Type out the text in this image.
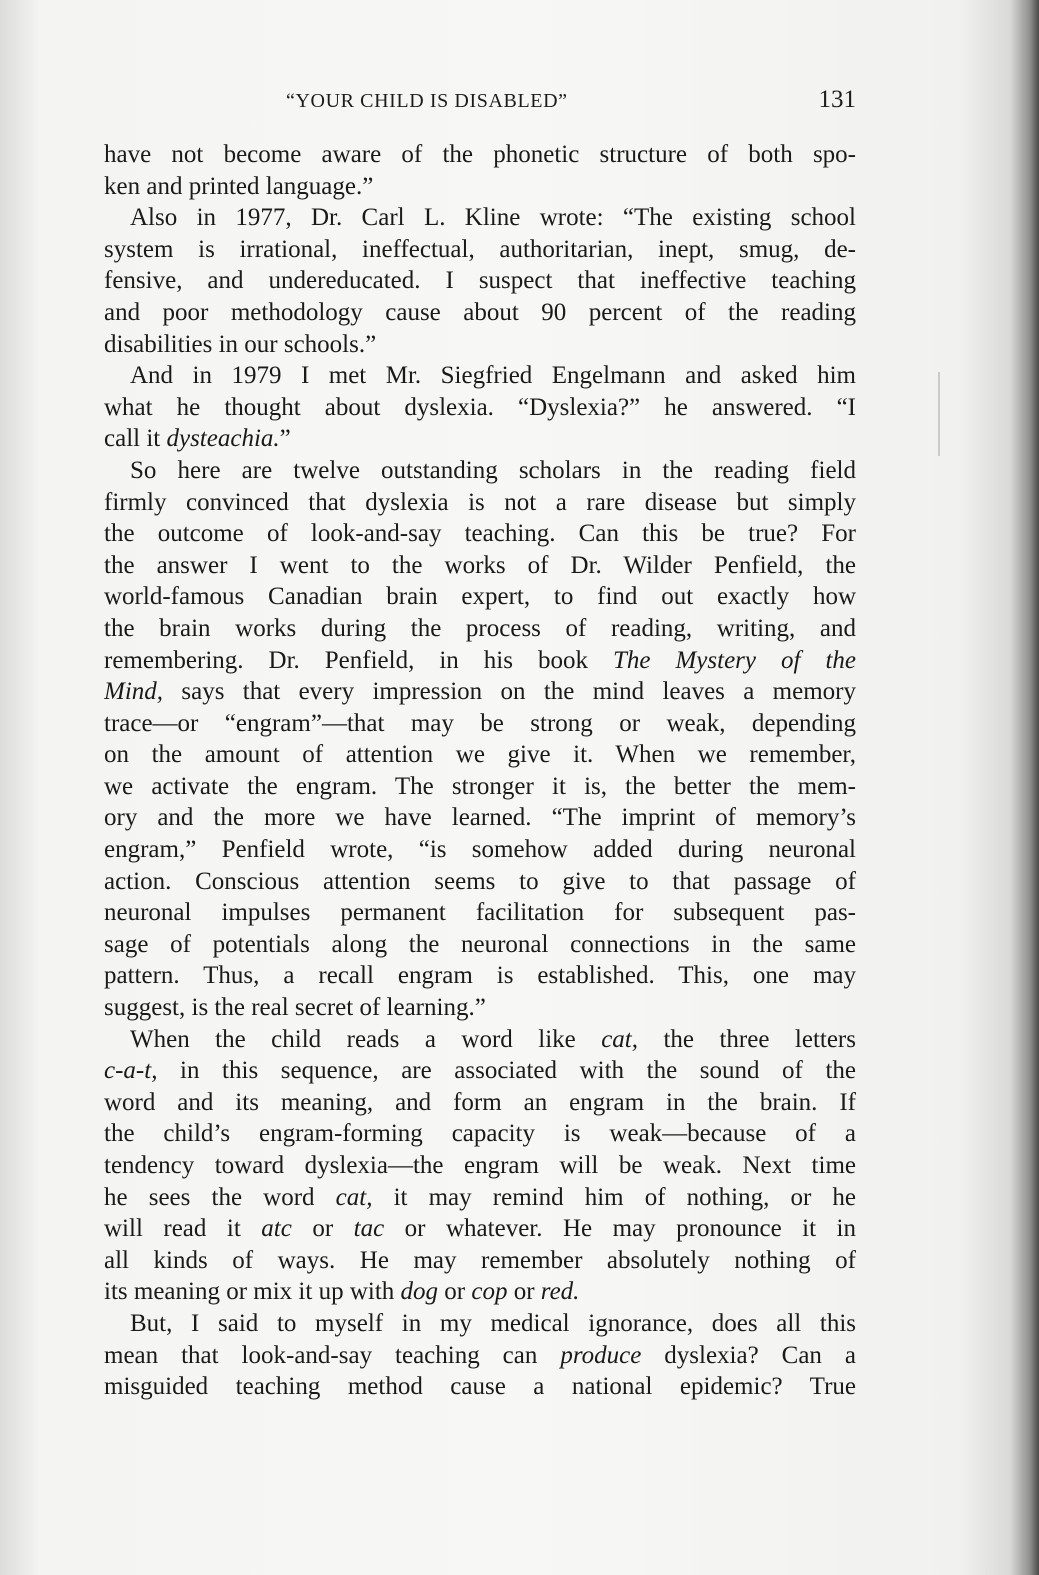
“YOUR CHILD IS DISABLED”	131
have not become aware of the phonetic structure of both spo-
ken and printed language.”
Also in 1977, Dr. Carl L. Kline wrote: “The existing school
system is irrational, ineffectual, authoritarian, inept, smug, de-
fensive, and undereducated. I suspect that ineffective teaching
and poor methodology cause about 90 percent of the reading
disabilities in our schools.”
And in 1979 I met Mr. Siegfried Engelmann and asked him
what he thought about dyslexia. “Dyslexia?” he answered. “I
call it dysteachia.”
So here are twelve outstanding scholars in the reading field
firmly convinced that dyslexia is not a rare disease but simply
the outcome of look-and-say teaching. Can this be true? For
the answer I went to the works of Dr. Wilder Penfield, the
world-famous Canadian brain expert, to find out exactly how
the brain works during the process of reading, writing, and
remembering. Dr. Penfield, in his book The Mystery of the
Mind, says that every impression on the mind leaves a memory
trace—or “engram”—that may be strong or weak, depending
on the amount of attention we give it. When we remember,
we activate the engram. The stronger it is, the better the mem-
ory and the more we have learned. “The imprint of memory’s
engram,” Penfield wrote, “is somehow added during neuronal
action. Conscious attention seems to give to that passage of
neuronal impulses permanent facilitation for subsequent pas-
sage of potentials along the neuronal connections in the same
pattern. Thus, a recall engram is established. This, one may
suggest, is the real secret of learning.”
When the child reads a word like cat, the three letters
c-a-t, in this sequence, are associated with the sound of the
word and its meaning, and form an engram in the brain. If
the child’s engram-forming capacity is weak—because of a
tendency toward dyslexia—the engram will be weak. Next time
he sees the word cat, it may remind him of nothing, or he
will read it atc or tac or whatever. He may pronounce it in
all kinds of ways. He may remember absolutely nothing of
its meaning or mix it up with dog or cop or red.
But, I said to myself in my medical ignorance, does all this
mean that look-and-say teaching can produce dyslexia? Can a
misguided teaching method cause a national epidemic? True
